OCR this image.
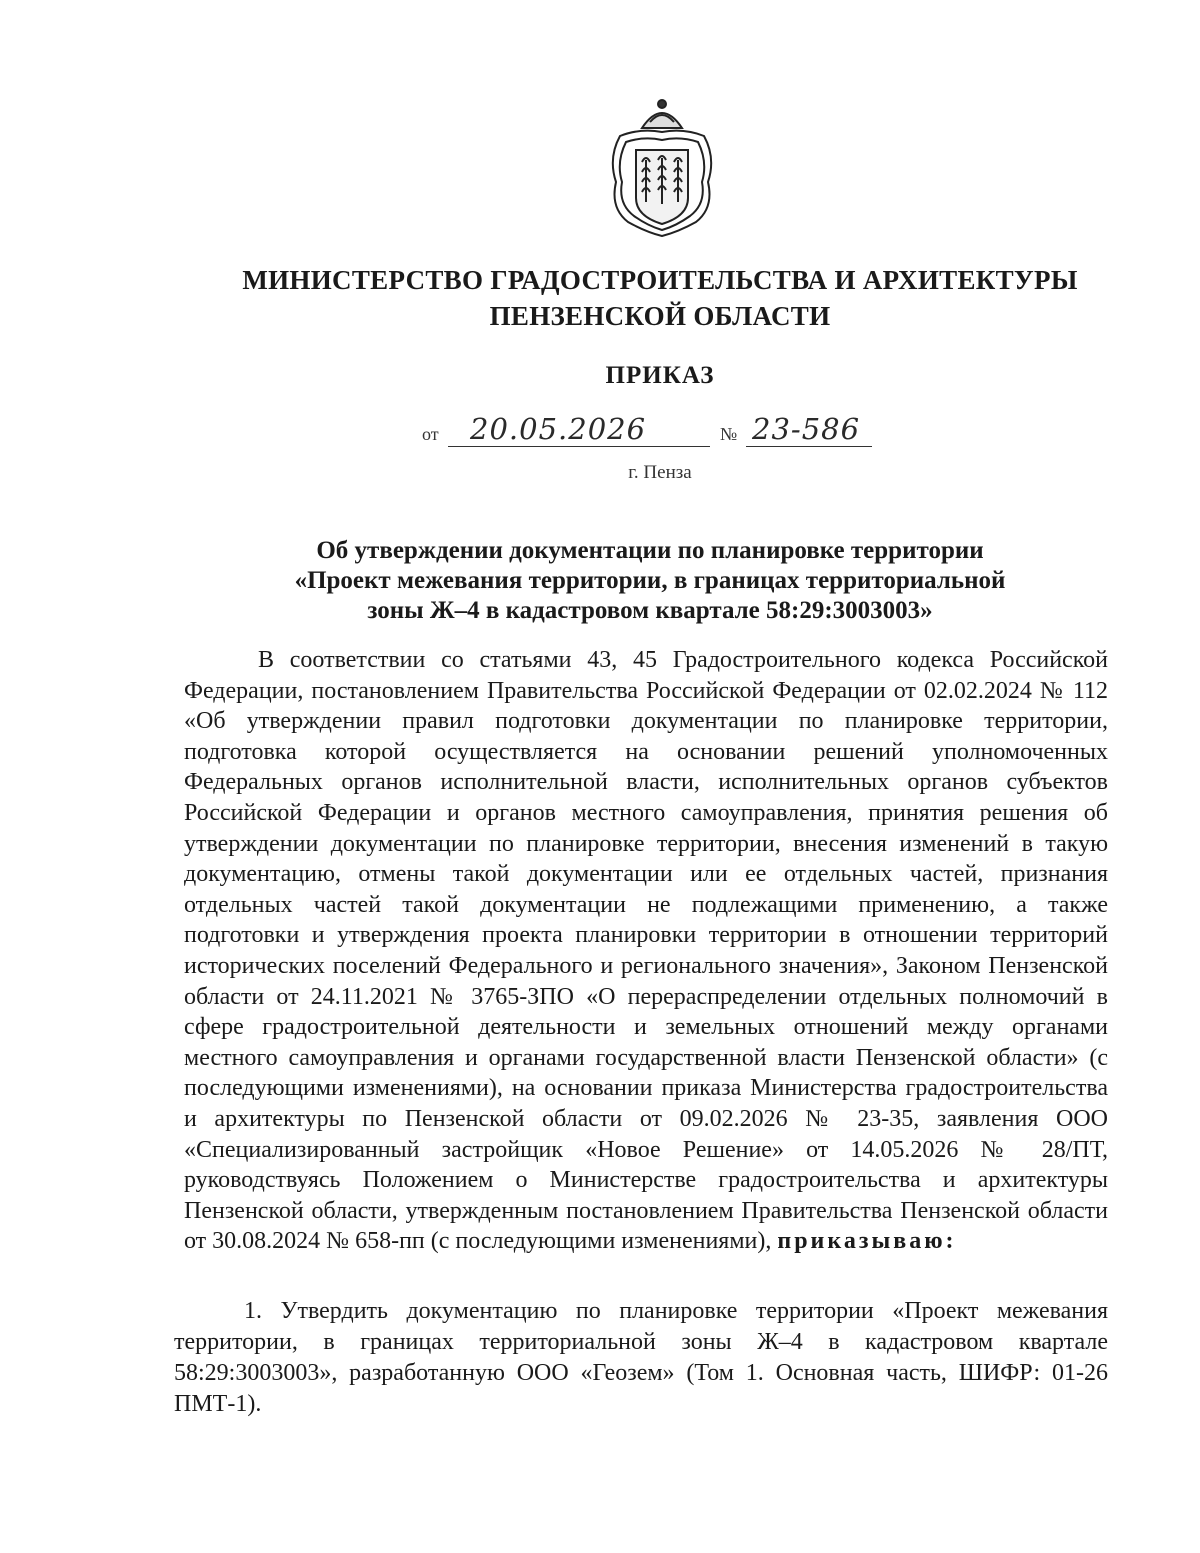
МИНИСТЕРСТВО ГРАДОСТРОИТЕЛЬСТВА И АРХИТЕКТУРЫ
ПЕНЗЕНСКОЙ ОБЛАСТИ
ПРИКАЗ
от 20.05.2026	№ 23-586
г. Пенза
Об утверждении документации по планировке территории
«Проект межевания территории, в границах территориальной
зоны Ж–4 в кадастровом квартале 58:29:3003003»

В соответствии со статьями 43, 45 Градостроительного кодекса Российской Федерации, постановлением Правительства Российской Федерации от 02.02.2024 № 112 «Об утверждении правил подготовки документации по планировке территории, подготовка которой осуществляется на основании решений уполномоченных Федеральных органов исполнительной власти, исполнительных органов субъектов Российской Федерации и органов местного самоуправления, принятия решения об утверждении документации по планировке территории, внесения изменений в такую документацию, отмены такой документации или ее отдельных частей, признания отдельных частей такой документации не подлежащими применению, а также подготовки и утверждения проекта планировки территории в отношении территорий исторических поселений Федерального и регионального значения», Законом Пензенской области от 24.11.2021 № 3765-ЗПО «О перераспределении отдельных полномочий в сфере градостроительной деятельности и земельных отношений между органами местного самоуправления и органами государственной власти Пензенской области» (с последующими изменениями), на основании приказа Министерства градостроительства и архитектуры по Пензенской области от 09.02.2026 № 23-35, заявления ООО «Специализированный застройщик «Новое Решение» от 14.05.2026 № 28/ПТ, руководствуясь Положением о Министерстве градостроительства и архитектуры Пензенской области, утвержденным постановлением Правительства Пензенской области от 30.08.2024 № 658-пп (с последующими изменениями), приказываю:

1. Утвердить документацию по планировке территории «Проект межевания территории, в границах территориальной зоны Ж–4 в кадастровом квартале 58:29:3003003», разработанную ООО «Геозем» (Том 1. Основная часть, ШИФР: 01-26 ПМТ-1).
